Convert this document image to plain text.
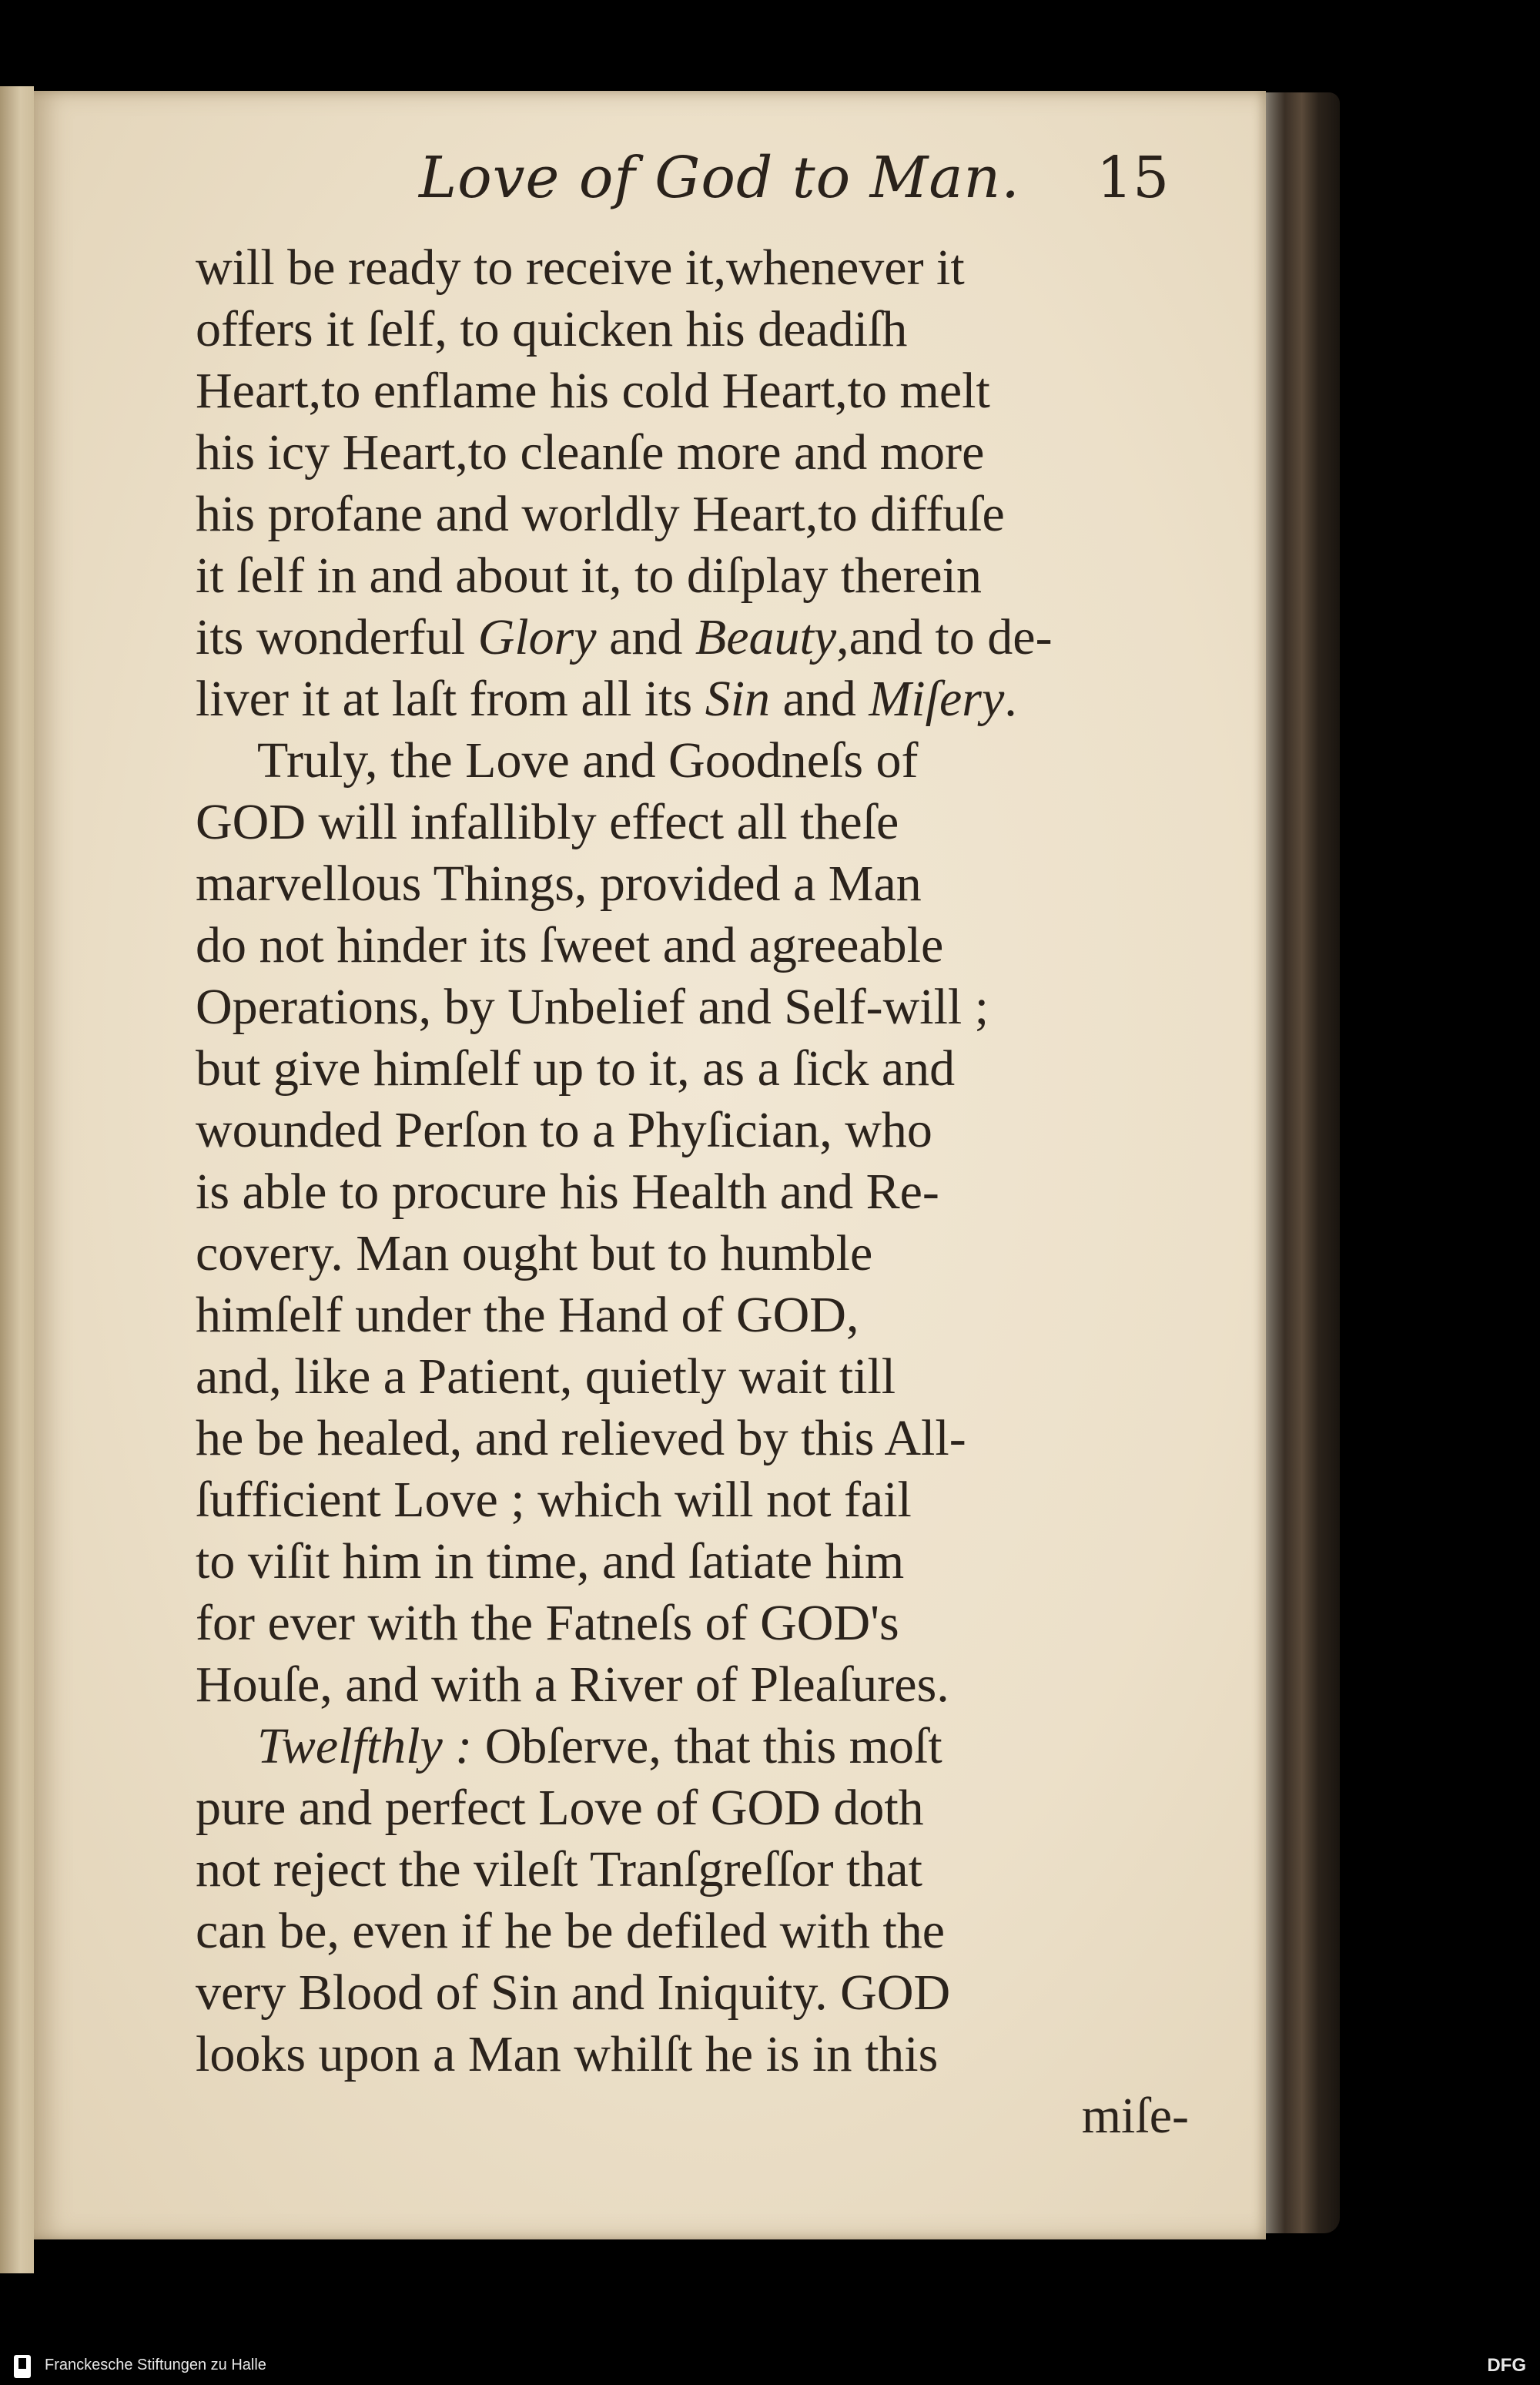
Love of God to Man. 15
will be ready to receive it,whenever it
offers it ſelf, to quicken his deadiſh
Heart,to enflame his cold Heart,to melt
his icy Heart,to cleanſe more and more
his profane and worldly Heart,to diffuſe
it ſelf in and about it, to diſplay therein
its wonderful Glory and Beauty,and to de-
liver it at laſt from all its Sin and Miſery.
Truly, the Love and Goodneſs of
GOD will infallibly effect all theſe
marvellous Things, provided a Man
do not hinder its ſweet and agreeable
Operations, by Unbelief and Self-will ;
but give himſelf up to it, as a ſick and
wounded Perſon to a Phyſician, who
is able to procure his Health and Re-
covery. Man ought but to humble
himſelf under the Hand of GOD,
and, like a Patient, quietly wait till
he be healed, and relieved by this All-
ſufficient Love ; which will not fail
to viſit him in time, and ſatiate him
for ever with the Fatneſs of GOD's
Houſe, and with a River of Pleaſures.
Twelfthly : Obſerve, that this moſt
pure and perfect Love of GOD doth
not reject the vileſt Tranſgreſſor that
can be, even if he be defiled with the
very Blood of Sin and Iniquity. GOD
looks upon a Man whilſt he is in this
miſe-
Franckesche Stiftungen zu Halle	DFG
